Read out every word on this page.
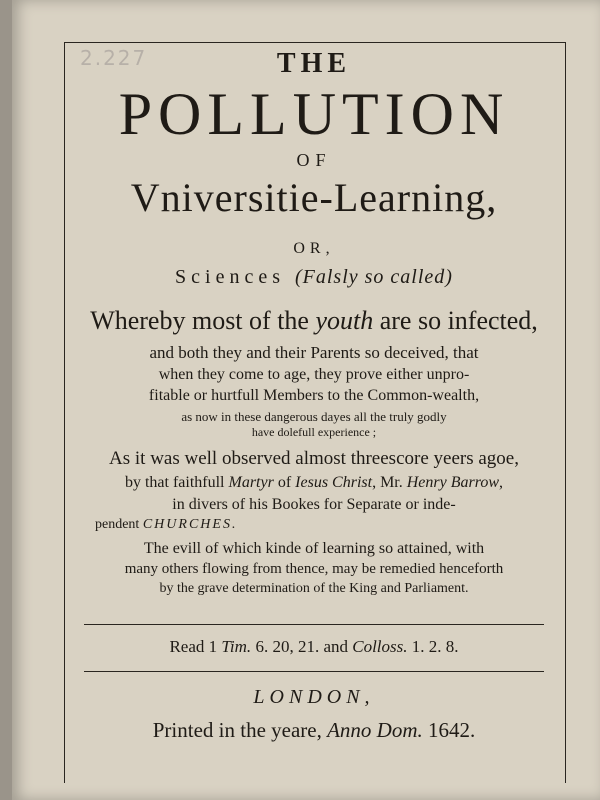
2.227	THE
POLLUTION
OF
Vniversitie-Learning,
OR,
Sciences (Falsly so called)
Whereby most of the youth are so infected,
and both they and their Parents so deceived, that
when they come to age, they prove either unpro-
fitable or hurtfull Members to the Common-wealth,
as now in these dangerous dayes all the truly godly
have dolefull experience ;
As it was well observed almost threescore yeers agoe,
by that faithfull Martyr of Iesus Christ, Mr. Henry Barrow,
in divers of his Bookes for Separate or inde-
pendent CHURCHES.
The evill of which kinde of learning so attained, with
many others flowing from thence, may be remedied henceforth
by the grave determination of the King and Parliament.
Read 1 Tim. 6. 20, 21. and Colloss. 1. 2. 8.
LONDON,
Printed in the yeare, Anno Dom. 1642.
